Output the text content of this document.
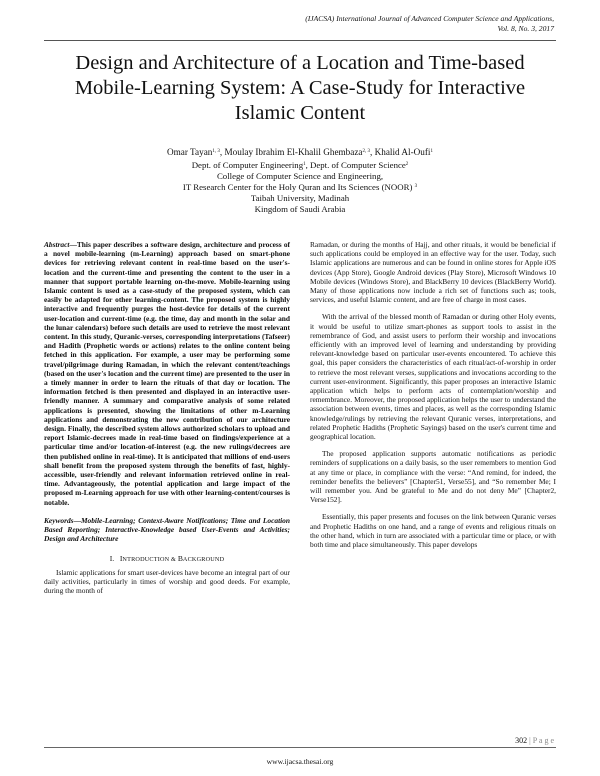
(IJACSA) International Journal of Advanced Computer Science and Applications,
Vol. 8, No. 3, 2017
Design and Architecture of a Location and Time-based Mobile-Learning System: A Case-Study for Interactive Islamic Content
Omar Tayan$^{1, 3}$, Moulay Ibrahim El-Khalil Ghembaza$^{2, 3}$, Khalid Al-Oufi$^1$
Dept. of Computer Engineering$^1$, Dept. of Computer Science$^2$
College of Computer Science and Engineering,
IT Research Center for the Holy Quran and Its Sciences (NOOR) $^3$
Taibah University, Madinah
Kingdom of Saudi Arabia
Abstract—This paper describes a software design, architecture and process of a novel mobile-learning (m-Learning) approach based on smart-phone devices for retrieving relevant content in real-time based on the user's-location and the current-time and presenting the content to the user in a manner that support portable learning on-the-move. Mobile-learning using Islamic content is used as a case-study of the proposed system, which can easily be adapted for other learning-content. The proposed system is highly interactive and frequently purges the host-device for details of the current user-location and current-time (e.g. the time, day and month in the solar and the lunar calendars) before such details are used to retrieve the most relevant content. In this study, Quranic-verses, corresponding interpretations (Tafseer) and Hadith (Prophetic words or actions) relates to the online content being fetched in this application. For example, a user may be performing some travel/pilgrimage during Ramadan, in which the relevant content/teachings (based on the user's location and the current time) are presented to the user in a timely manner in order to learn the rituals of that day or location. The information fetched is then presented and displayed in an interactive user-friendly manner. A summary and comparative analysis of some related applications is presented, showing the limitations of other m-Learning applications and demonstrating the new contribution of our architecture design. Finally, the described system allows authorized scholars to upload and report Islamic-decrees made in real-time based on findings/experience at a particular time and/or location-of-interest (e.g. the new rulings/decrees are then published online in real-time). It is anticipated that millions of end-users shall benefit from the proposed system through the benefits of fast, highly-accessible, user-friendly and relevant information retrieved online in real-time. Advantageously, the potential application and large impact of the proposed m-Learning approach for use with other learning-content/courses is notable.
Keywords—Mobile-Learning; Context-Aware Notifications; Time and Location Based Reporting; Interactive-Knowledge based User-Events and Activities; Design and Architecture
I. INTRODUCTION & BACKGROUND

Islamic applications for smart user-devices have become an integral part of our daily activities, particularly in times of worship and good deeds. For example, during the month of

Ramadan, or during the months of Hajj, and other rituals, it would be beneficial if such applications could be employed in an effective way for the user. Today, such Islamic applications are numerous and can be found in online stores for Apple iOS devices (App Store), Google Android devices (Play Store), Microsoft Windows 10 Mobile devices (Windows Store), and BlackBerry 10 devices (BlackBerry World). Many of those applications now include a rich set of functions such as; tools, services, and useful Islamic content, and are free of charge in most cases.

With the arrival of the blessed month of Ramadan or during other Holy events, it would be useful to utilize smart-phones as support tools to assist in the remembrance of God, and assist users to perform their worship and invocations efficiently with an improved level of learning and understanding by providing relevant-knowledge based on particular user-events encountered. To achieve this goal, this paper considers the characteristics of each ritual/act-of-worship in order to retrieve the most relevant verses, supplications and invocations according to the current user-environment. Significantly, this paper proposes an interactive Islamic application which helps to perform acts of contemplation/worship and remembrance. Moreover, the proposed application helps the user to understand the association between events, times and places, as well as the corresponding Islamic knowledge/rulings by retrieving the relevant Quranic verses, interpretations, and related Prophetic Hadiths (Prophetic Sayings) based on the user's current time and geographical location.

The proposed application supports automatic notifications as periodic reminders of supplications on a daily basis, so the user remembers to mention God at any time or place, in compliance with the verse: “And remind, for indeed, the reminder benefits the believers” [Chapter51, Verse55], and “So remember Me; I will remember you. And be grateful to Me and do not deny Me” [Chapter2, Verse152].

Essentially, this paper presents and focuses on the link between Quranic verses and Prophetic Hadiths on one hand, and a range of events and religious rituals on the other hand, which in turn are associated with a particular time or place, or with both time and place simultaneously. This paper develops

302 | P a g e
www.ijacsa.thesai.org
